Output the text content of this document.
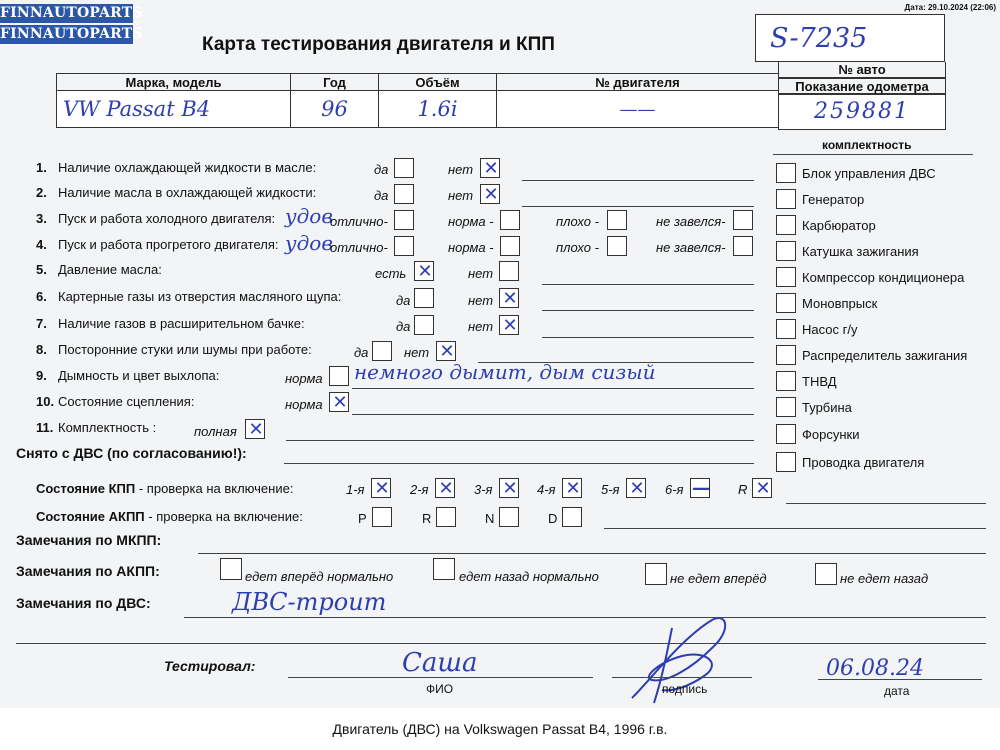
FINNAUTOPARTS
FINNAUTOPARTS
Дата: 29.10.2024 (22:06)
Карта тестирования двигателя и КПП	S-7235
Марка, модель	Год	Объём	№ двигателя
VW Passat B4	96	1.6i	——
№ авто
Показание одометра
259881
комплектность
Блок управления ДВС
Генератор
Карбюратор
Катушка зажигания
Компрессор кондиционера
Моновпрыск
Насос г/у
Распределитель зажигания
ТНВД
Турбина
Форсунки
Проводка двигателя
1. Наличие охлаждающей жидкости в масле:	да	нет ✕
2. Наличие масла в охлаждающей жидкости:	да	нет ✕
3. Пуск и работа холодного двигателя: удов
отлично-	норма -	плохо -	не завелся-
4. Пуск и работа прогретого двигателя: удов
отлично-	норма -	плохо -	не завелся-
5. Давление масла:	есть ✕	нет
6. Картерные газы из отверстия масляного щупа:	да	нет ✕
7. Наличие газов в расширительном бачке:	да	нет ✕
8. Посторонние стуки или шумы при работе:	да	нет ✕
9. Дымность и цвет выхлопа:	норма немного дымит, дым сизый
10. Состояние сцепления:	норма ✕
11. Комплектность :	полная ✕
Снято с ДВС (по согласованию!):
Состояние КПП - проверка на включение:	1-я ✕ 2-я ✕ 3-я ✕ 4-я ✕ 5-я ✕ 6-я — R ✕
Состояние АКПП - проверка на включение:	P	R	N	D
Замечания по МКПП:
Замечания по АКПП:	едет вперёд нормально	едет назад нормально	не едет вперёд	не едет назад
Замечания по ДВС:	ДВС-троит
Тестировал:	Саша
ФИО	подпись
06.08.24
дата
Двигатель (ДВС) на Volkswagen Passat B4, 1996 г.в.
